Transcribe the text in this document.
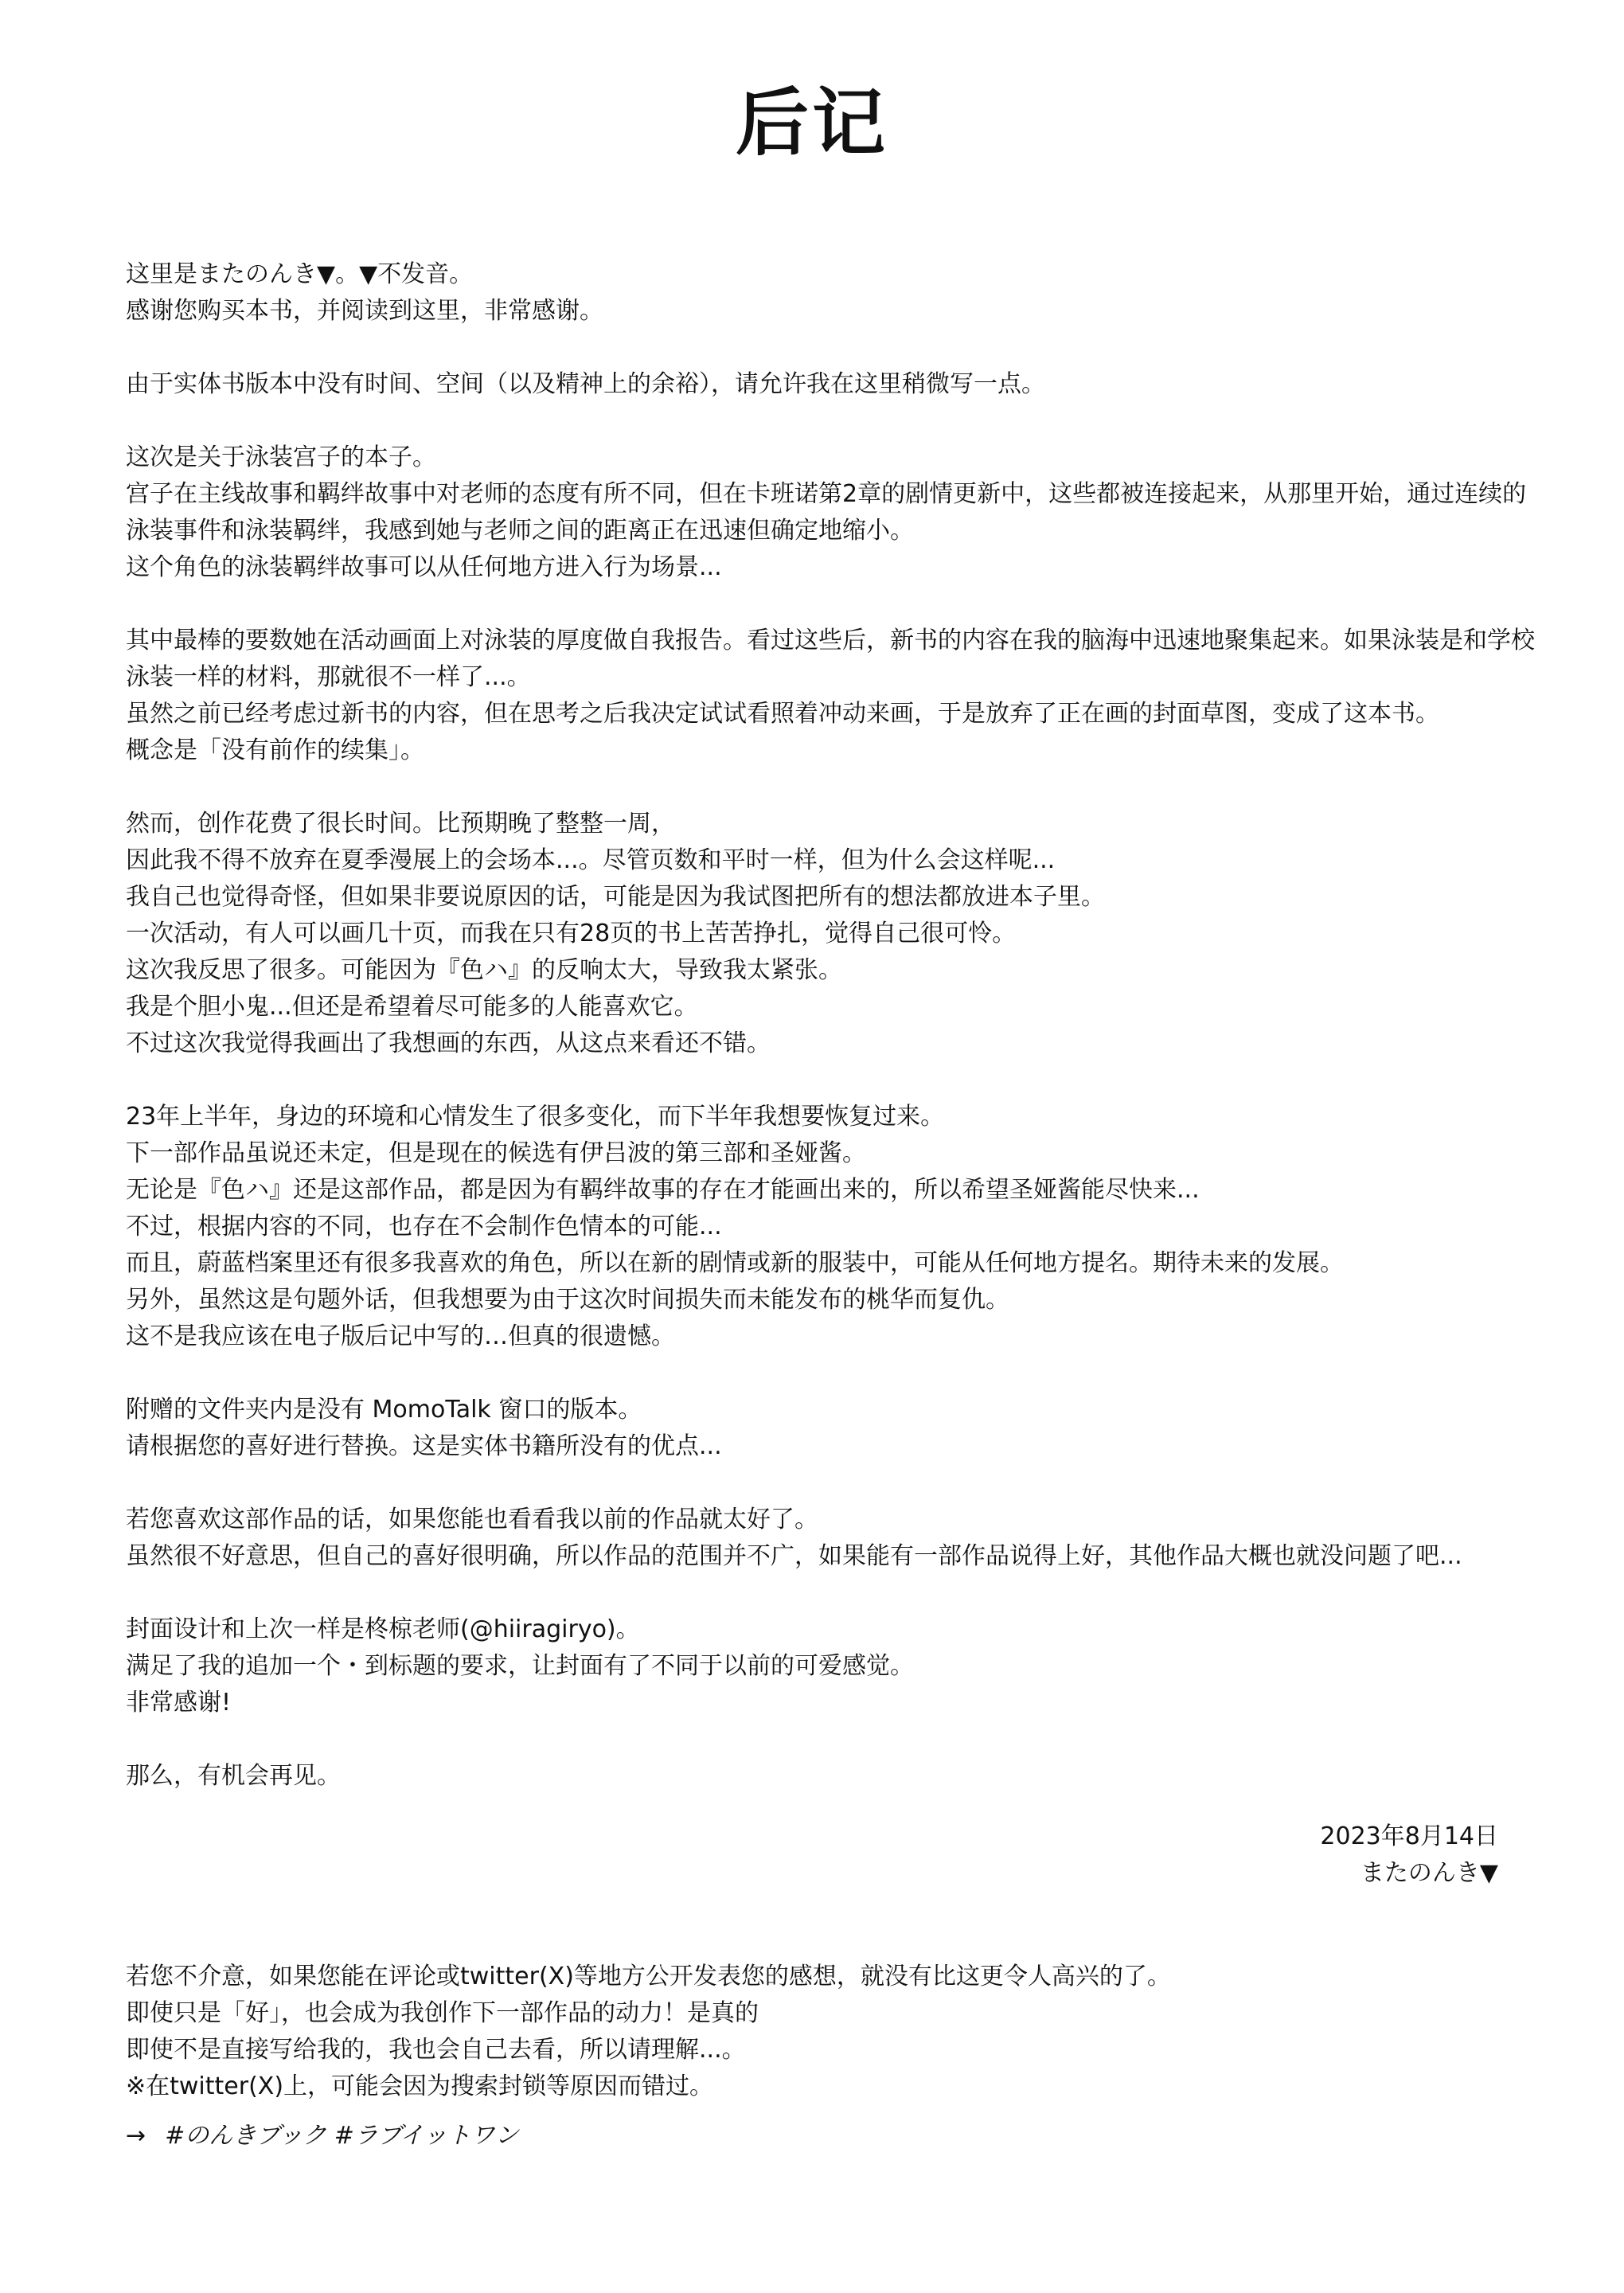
后记
这里是またのんき▼。▼不发音。
感谢您购买本书，并阅读到这里，非常感谢。
由于实体书版本中没有时间、空间（以及精神上的余裕），请允许我在这里稍微写一点。
这次是关于泳装宫子的本子。
宫子在主线故事和羁绊故事中对老师的态度有所不同，但在卡班诺第2章的剧情更新中，这些都被连接起来，从那里开始，通过连续的泳装事件和泳装羁绊，我感到她与老师之间的距离正在迅速但确定地缩小。
这个角色的泳装羁绊故事可以从任何地方进入行为场景...
其中最棒的要数她在活动画面上对泳装的厚度做自我报告。看过这些后，新书的内容在我的脑海中迅速地聚集起来。如果泳装是和学校泳装一样的材料，那就很不一样了...。
虽然之前已经考虑过新书的内容，但在思考之后我决定试试看照着冲动来画，于是放弃了正在画的封面草图，变成了这本书。
概念是「没有前作的续集」。
然而，创作花费了很长时间。比预期晚了整整一周，
因此我不得不放弃在夏季漫展上的会场本...。尽管页数和平时一样，但为什么会这样呢...
我自己也觉得奇怪，但如果非要说原因的话，可能是因为我试图把所有的想法都放进本子里。
一次活动，有人可以画几十页，而我在只有28页的书上苦苦挣扎，觉得自己很可怜。
这次我反思了很多。可能因为『色ハ』的反响太大，导致我太紧张。
我是个胆小鬼...但还是希望着尽可能多的人能喜欢它。
不过这次我觉得我画出了我想画的东西，从这点来看还不错。
23年上半年，身边的环境和心情发生了很多变化，而下半年我想要恢复过来。
下一部作品虽说还未定，但是现在的候选有伊吕波的第三部和圣娅酱。
无论是『色ハ』还是这部作品，都是因为有羁绊故事的存在才能画出来的，所以希望圣娅酱能尽快来...
不过，根据内容的不同，也存在不会制作色情本的可能...
而且，蔚蓝档案里还有很多我喜欢的角色，所以在新的剧情或新的服装中，可能从任何地方提名。期待未来的发展。
另外，虽然这是句题外话，但我想要为由于这次时间损失而未能发布的桃华而复仇。
这不是我应该在电子版后记中写的…但真的很遗憾。
附赠的文件夹内是没有 MomoTalk 窗口的版本。
请根据您的喜好进行替换。这是实体书籍所没有的优点...
若您喜欢这部作品的话，如果您能也看看我以前的作品就太好了。
虽然很不好意思，但自己的喜好很明确，所以作品的范围并不广，如果能有一部作品说得上好，其他作品大概也就没问题了吧...
封面设计和上次一样是柊椋老师(@hiiragiryo)。
满足了我的追加一个・到标题的要求，让封面有了不同于以前的可爱感觉。
非常感谢!
那么，有机会再见。
2023年8月14日
またのんき▼
若您不介意，如果您能在评论或twitter(X)等地方公开发表您的感想，就没有比这更令人高兴的了。
即使只是「好」，也会成为我创作下一部作品的动力！是真的
即使不是直接写给我的，我也会自己去看，所以请理解...。
※在twitter(X)上，可能会因为搜索封锁等原因而错过。
→ #のんきブック #ラブイットワン
